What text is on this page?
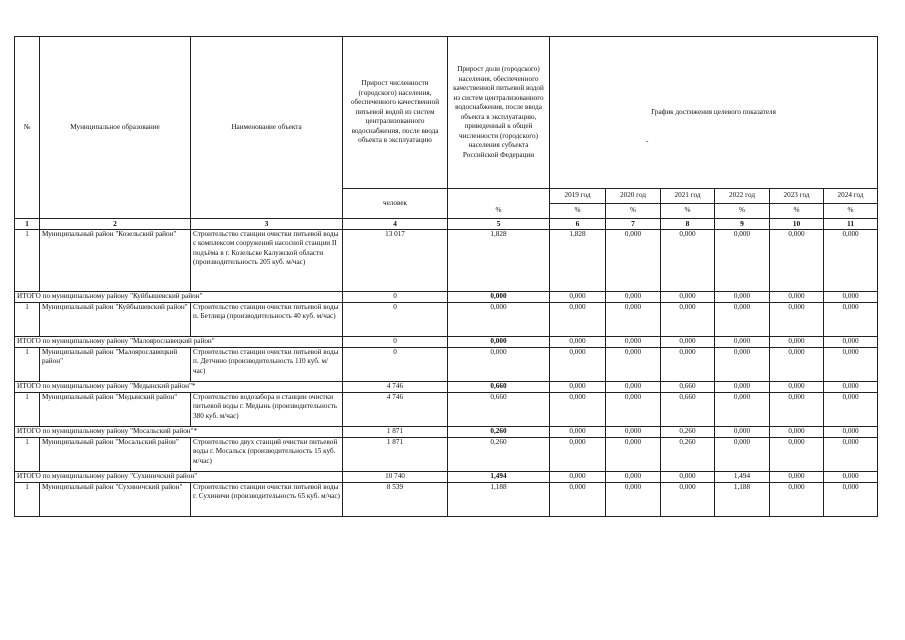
№	Муниципальное образование	Наименование объекта	Прирост численности (городского) населения, обеспеченного качественной питьевой водой из систем централизованного водоснабжения, после ввода объекта в эксплуатацию	Прирост доли (городского) населения, обеспеченного качественной питьевой водой из систем централизованного водоснабжения, после ввода объекта в эксплуатацию, приведенный к общей численности (городского) населения субъекта Российской Федерации	График достижения целевого показателя
-					

			человек		2019 год	2020 год	2021 год	2022 год	2023 год	2024 год
				%	%	%	%	%	%	%
1	2	3	4	5	6	7	8	9	10	11
1	Муниципальный район "Козельский район"	Строительство станции очистки питьевой воды с комплексом сооружений насосной станции II подъёма в г. Козельске Калужской области (производительность 205 куб. м/час)	13 017	1,828	1,828	0,000	0,000	0,000	0,000	0,000
ИТОГО по муниципальному району "Куйбышевский район"			0	0,000	0,000	0,000	0,000	0,000	0,000	0,000
1	Муниципальный район "Куйбышевский район"	Строительство станции очистки питьевой воды п. Бетлица (производительность 40 куб. м/час)	0	0,000	0,000	0,000	0,000	0,000	0,000	0,000
ИТОГО по муниципальному району "Малоярославецкий район"			0	0,000	0,000	0,000	0,000	0,000	0,000	0,000
1	Муниципальный район "Малоярославецкий район"	Строительство станции очистки питьевой воды п. Детчино (производительность 110 куб. м/час)	0	0,000	0,000	0,000	0,000	0,000	0,000	0,000
ИТОГО по муниципальному району "Медынский район"*			4 746	0,660	0,000	0,000	0,660	0,000	0,000	0,000
1	Муниципальный район "Медынский район"	Строительство водозабора и станции очистки питьевой воды г. Медынь (производительность 380 куб. м/час)	4 746	0,660	0,000	0,000	0,660	0,000	0,000	0,000
ИТОГО по муниципальному району "Мосальский район"*			1 871	0,260	0,000	0,000	0,260	0,000	0,000	0,000
1	Муниципальный район "Мосальский район"	Строительство двух станций очистки питьевой воды г. Мосальск (производительность 15 куб. м/час)	1 871	0,260	0,000	0,000	0,260	0,000	0,000	0,000
ИТОГО по муниципальному району "Сухиничский район"			10 740	1,494	0,000	0,000	0,000	1,494	0,000	0,000
1	Муниципальный район "Сухиничский район"	Строительство станции очистки питьевой воды г. Сухиничи (производительность 65 куб. м/час)	8 539	1,188	0,000	0,000	0,000	1,188	0,000	0,000
